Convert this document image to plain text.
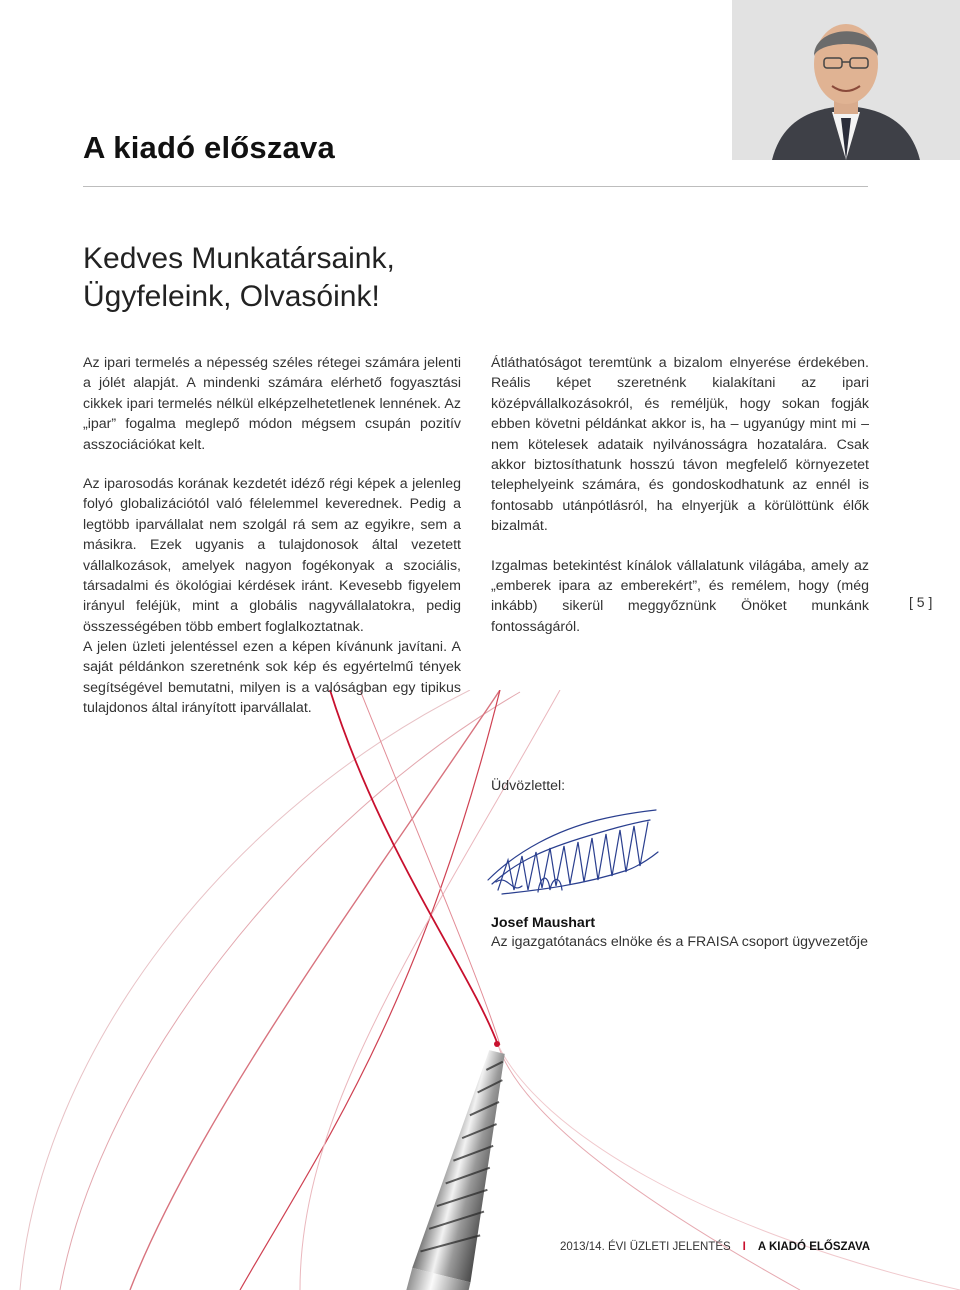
A kiadó előszava
Kedves Munkatársaink,
Ügyfeleink, Olvasóink!

Az ipari termelés a népesség széles rétegei számára jelenti a jólét alapját. A mindenki számára elérhető fogyasztási cikkek ipari termelés nélkül elképzelhetetlenek lennének. Az „ipar” fogalma meglepő módon mégsem csupán pozitív asszociációkat kelt.

Az iparosodás korának kezdetét idéző régi képek a jelenleg folyó globalizációtól való félelemmel keverednek. Pedig a legtöbb iparvállalat nem szolgál rá sem az egyikre, sem a másikra. Ezek ugyanis a tulajdonosok által vezetett vállalkozások, amelyek nagyon fogékonyak a szociális, társadalmi és ökológiai kérdések iránt. Kevesebb figyelem irányul feléjük, mint a globális nagyvállalatokra, pedig összességében több embert foglalkoztatnak.

A jelen üzleti jelentéssel ezen a képen kívánunk javítani. A saját példánkon szeretnénk sok kép és egyértelmű tények segítségével bemutatni, milyen is a valóságban egy tipikus tulajdonos által irányított iparvállalat.

Átláthatóságot teremtünk a bizalom elnyerése érdekében. Reális képet szeretnénk kialakítani az ipari középvállalkozásokról, és reméljük, hogy sokan fogják ebben követni példánkat akkor is, ha – ugyanúgy mint mi – nem kötelesek adataik nyilvánosságra hozatalára. Csak akkor biztosíthatunk hosszú távon megfelelő környezetet telephelyeink számára, és gondoskodhatunk az ennél is fontosabb utánpótlásról, ha elnyerjük a körülöttünk élők bizalmát.

Izgalmas betekintést kínálok vállalatunk világába, amely az „emberek ipara az emberekért”, és remélem, hogy (még inkább) sikerül meggyőznünk Önöket munkánk fontosságáról.

[ 5 ]
Üdvözlettel:
Josef Maushart
Az igazgatótanács elnöke és a FRAISA csoport ügyvezetője
2013/14. ÉVI ÜZLETI JELENTÉS I A KIADÓ ELŐSZAVA
